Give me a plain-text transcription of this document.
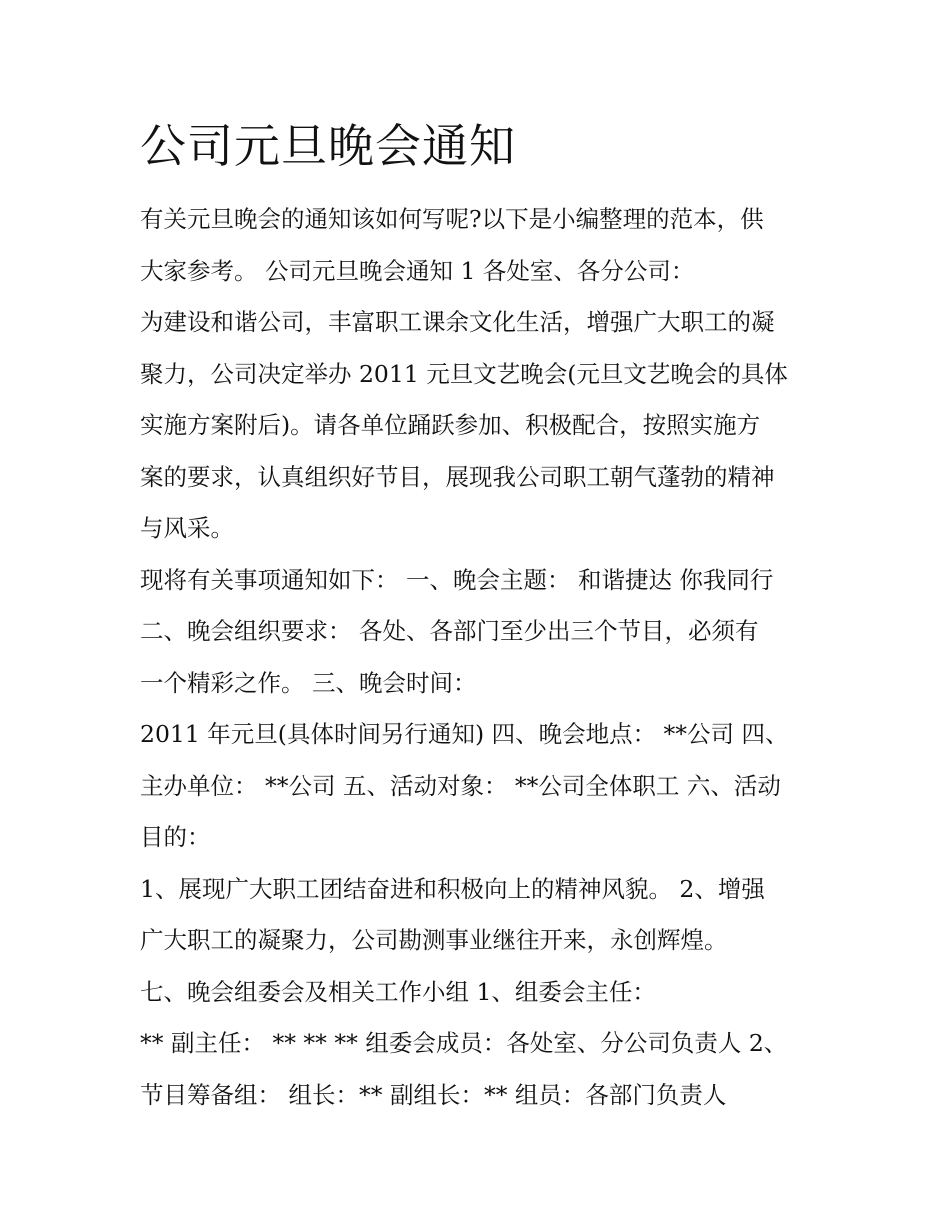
公司元旦晚会通知
有关元旦晚会的通知该如何写呢?以下是小编整理的范本，供
大家参考。 公司元旦晚会通知 1 各处室、各分公司：
为建设和谐公司，丰富职工课余文化生活，增强广大职工的凝
聚力，公司决定举办 2011 元旦文艺晚会(元旦文艺晚会的具体
实施方案附后)。请各单位踊跃参加、积极配合，按照实施方
案的要求，认真组织好节目，展现我公司职工朝气蓬勃的精神
与风采。
现将有关事项通知如下： 一、晚会主题： 和谐捷达 你我同行
二、晚会组织要求： 各处、各部门至少出三个节目，必须有
一个精彩之作。 三、晚会时间：
2011 年元旦(具体时间另行通知) 四、晚会地点： **公司 四、
主办单位： **公司 五、活动对象： **公司全体职工 六、活动
目的：
1、展现广大职工团结奋进和积极向上的精神风貌。 2、增强
广大职工的凝聚力，公司勘测事业继往开来，永创辉煌。
七、晚会组委会及相关工作小组 1、组委会主任：
** 副主任： ** ** ** 组委会成员：各处室、分公司负责人 2、
节目筹备组： 组长：** 副组长：** 组员：各部门负责人
